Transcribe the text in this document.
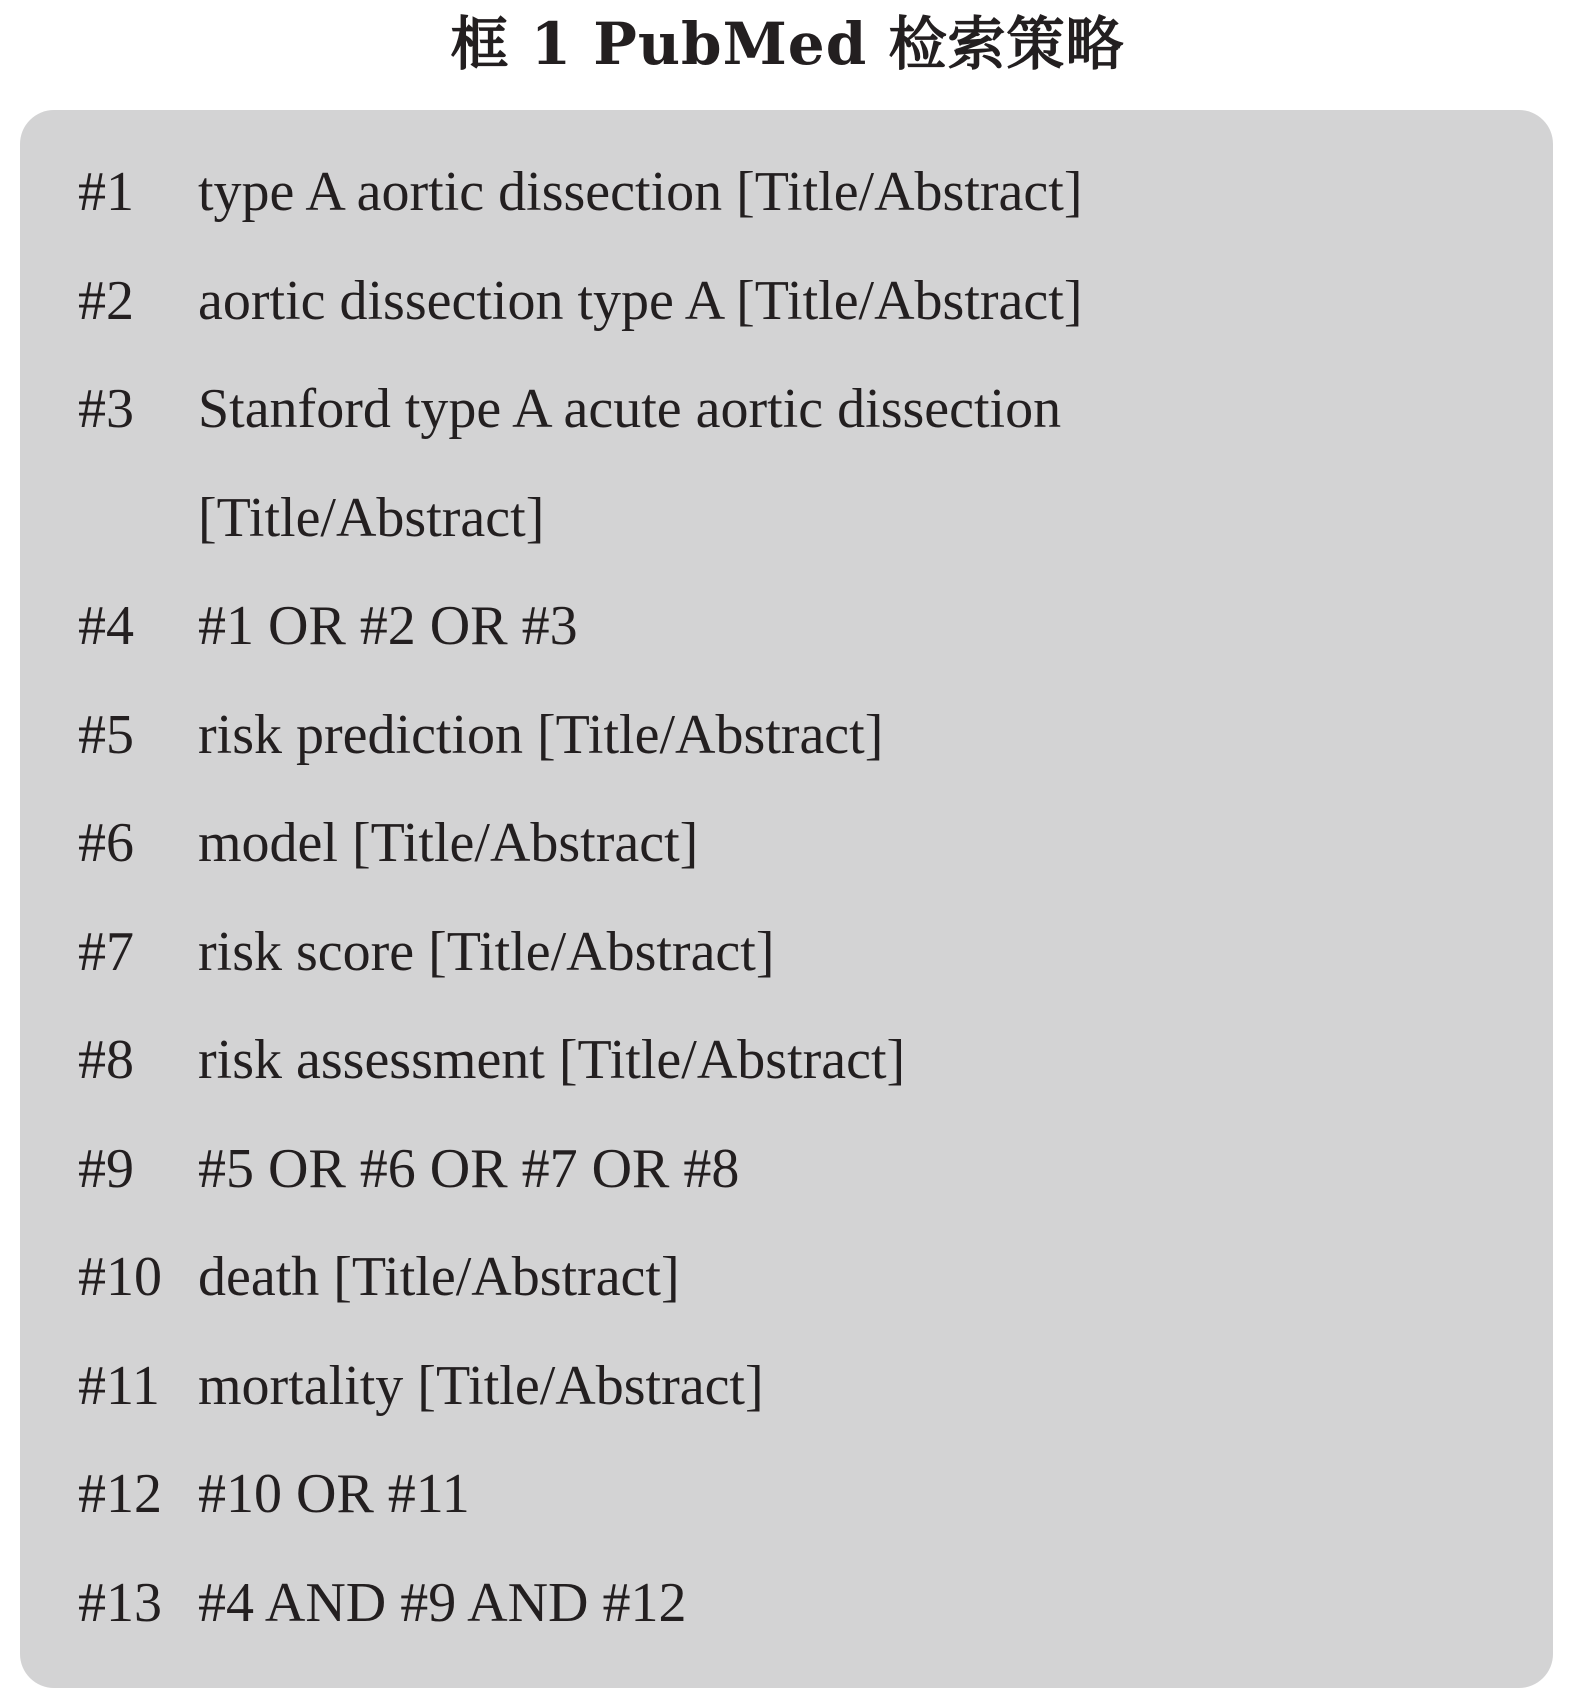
框 1 PubMed 检索策略
#1 type A aortic dissection [Title/Abstract]
#2 aortic dissection type A [Title/Abstract]
#3 Stanford type A acute aortic dissection
[Title/Abstract]
#4 #1 OR #2 OR #3
#5 risk prediction [Title/Abstract]
#6 model [Title/Abstract]
#7 risk score [Title/Abstract]
#8 risk assessment [Title/Abstract]
#9 #5 OR #6 OR #7 OR #8
#10 death [Title/Abstract]
#11 mortality [Title/Abstract]
#12 #10 OR #11
#13 #4 AND #9 AND #12
